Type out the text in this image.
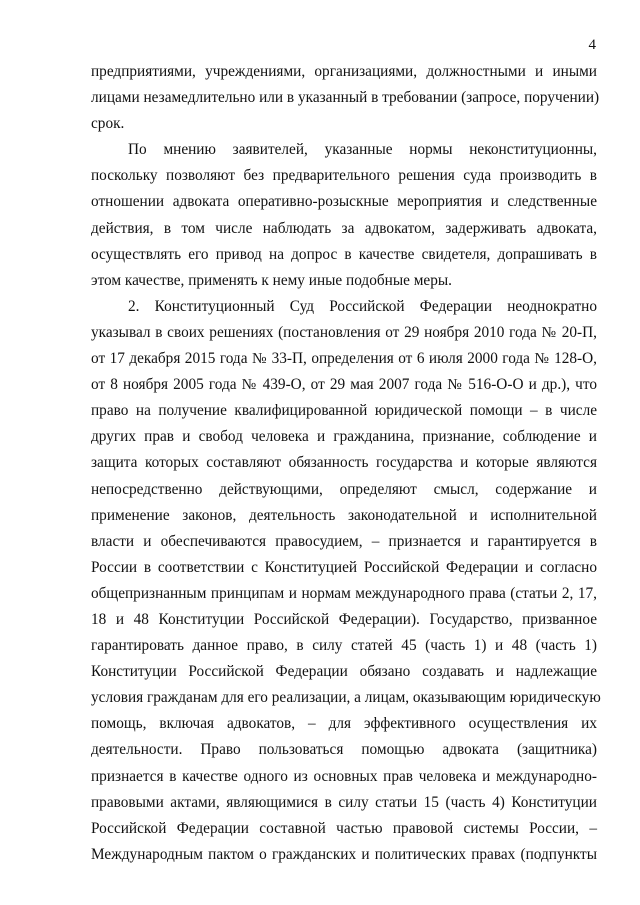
4
предприятиями, учреждениями, организациями, должностными и иными
лицами незамедлительно или в указанный в требовании (запросе, поручении)
срок.
По мнению заявителей, указанные нормы неконституционны,
поскольку позволяют без предварительного решения суда производить в
отношении адвоката оперативно-розыскные мероприятия и следственные
действия, в том числе наблюдать за адвокатом, задерживать адвоката,
осуществлять его привод на допрос в качестве свидетеля, допрашивать в
этом качестве, применять к нему иные подобные меры.
2. Конституционный Суд Российской Федерации неоднократно
указывал в своих решениях (постановления от 29 ноября 2010 года № 20-П,
от 17 декабря 2015 года № 33-П, определения от 6 июля 2000 года № 128-О,
от 8 ноября 2005 года № 439-О, от 29 мая 2007 года № 516-О-О и др.), что
право на получение квалифицированной юридической помощи – в числе
других прав и свобод человека и гражданина, признание, соблюдение и
защита которых составляют обязанность государства и которые являются
непосредственно действующими, определяют смысл, содержание и
применение законов, деятельность законодательной и исполнительной
власти и обеспечиваются правосудием, – признается и гарантируется в
России в соответствии с Конституцией Российской Федерации и согласно
общепризнанным принципам и нормам международного права (статьи 2, 17,
18 и 48 Конституции Российской Федерации). Государство, призванное
гарантировать данное право, в силу статей 45 (часть 1) и 48 (часть 1)
Конституции Российской Федерации обязано создавать и надлежащие
условия гражданам для его реализации, а лицам, оказывающим юридическую
помощь, включая адвокатов, – для эффективного осуществления их
деятельности. Право пользоваться помощью адвоката (защитника)
признается в качестве одного из основных прав человека и международно-
правовыми актами, являющимися в силу статьи 15 (часть 4) Конституции
Российской Федерации составной частью правовой системы России, –
Международным пактом о гражданских и политических правах (подпункты
